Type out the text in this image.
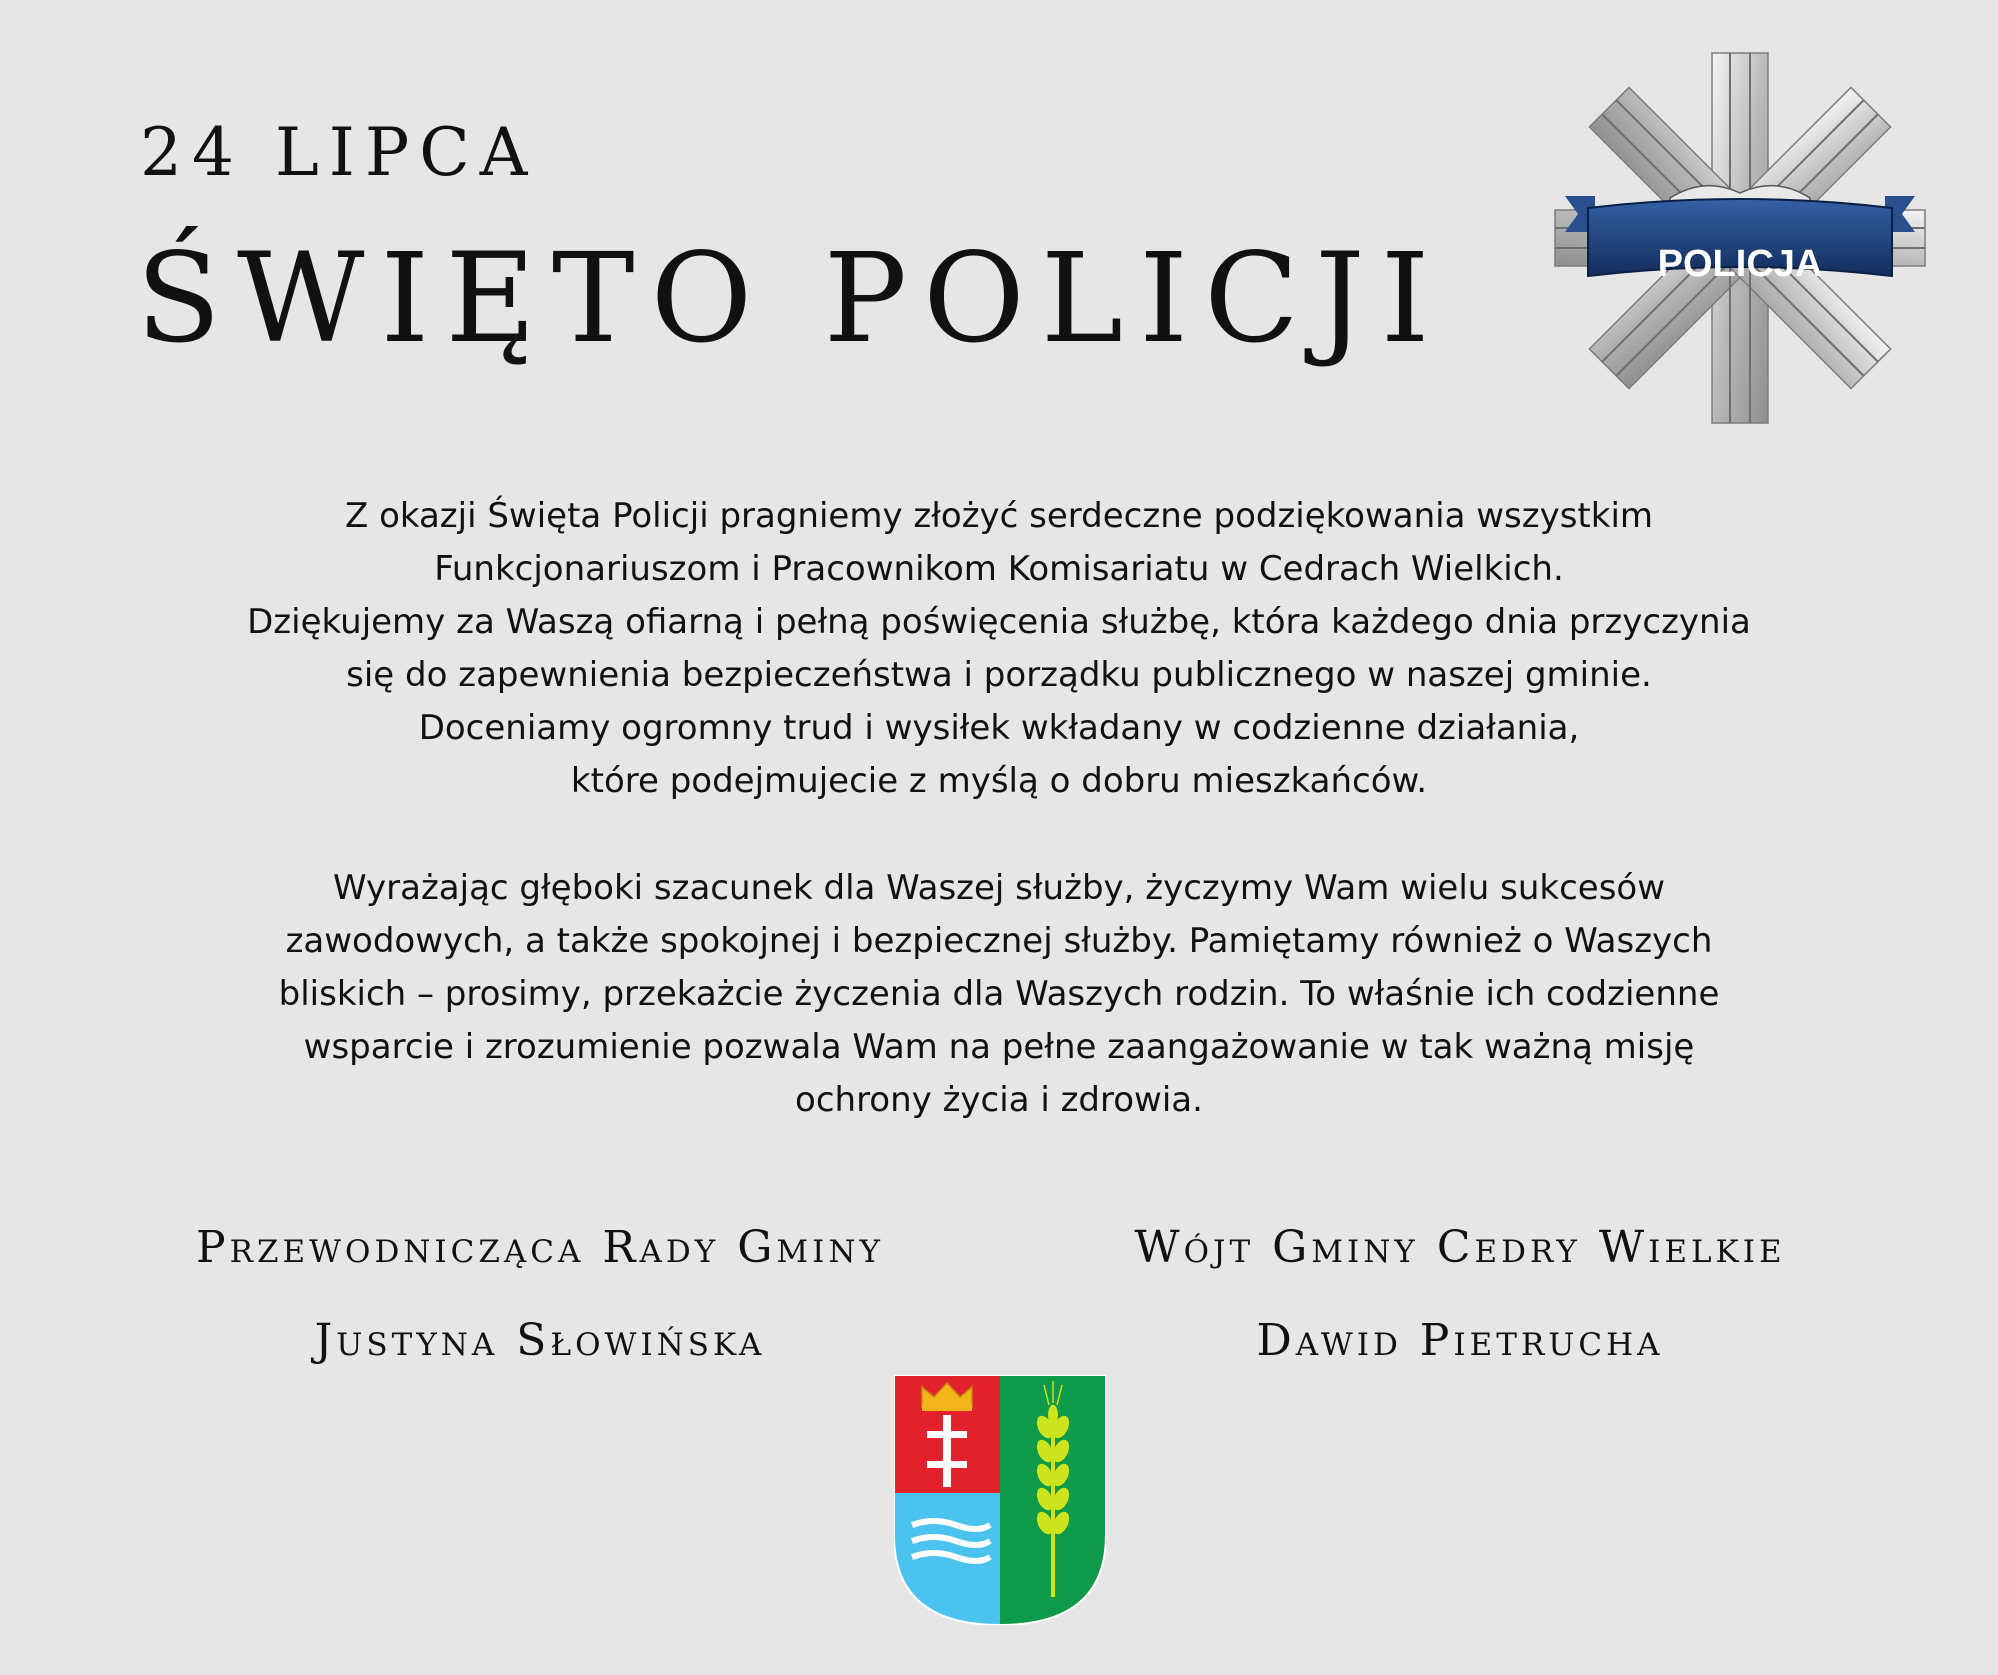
24 LIPCA
ŚWIĘTO POLICJI	POLICJA

Z okazji Święta Policji pragniemy złożyć serdeczne podziękowania wszystkim

Funkcjonariuszom i Pracownikom Komisariatu w Cedrach Wielkich.

Dziękujemy za Waszą ofiarną i pełną poświęcenia służbę, która każdego dnia przyczynia

się do zapewnienia bezpieczeństwa i porządku publicznego w naszej gminie.

Doceniamy ogromny trud i wysiłek wkładany w codzienne działania,

które podejmujecie z myślą o dobru mieszkańców.

Wyrażając głęboki szacunek dla Waszej służby, życzymy Wam wielu sukcesów

zawodowych, a także spokojnej i bezpiecznej służby. Pamiętamy również o Waszych

bliskich – prosimy, przekażcie życzenia dla Waszych rodzin. To właśnie ich codzienne

wsparcie i zrozumienie pozwala Wam na pełne zaangażowanie w tak ważną misję

ochrony życia i zdrowia.

Przewodnicząca Rady Gminy
Justyna Słowińska
Wójt Gminy Cedry Wielkie
Dawid Pietrucha
